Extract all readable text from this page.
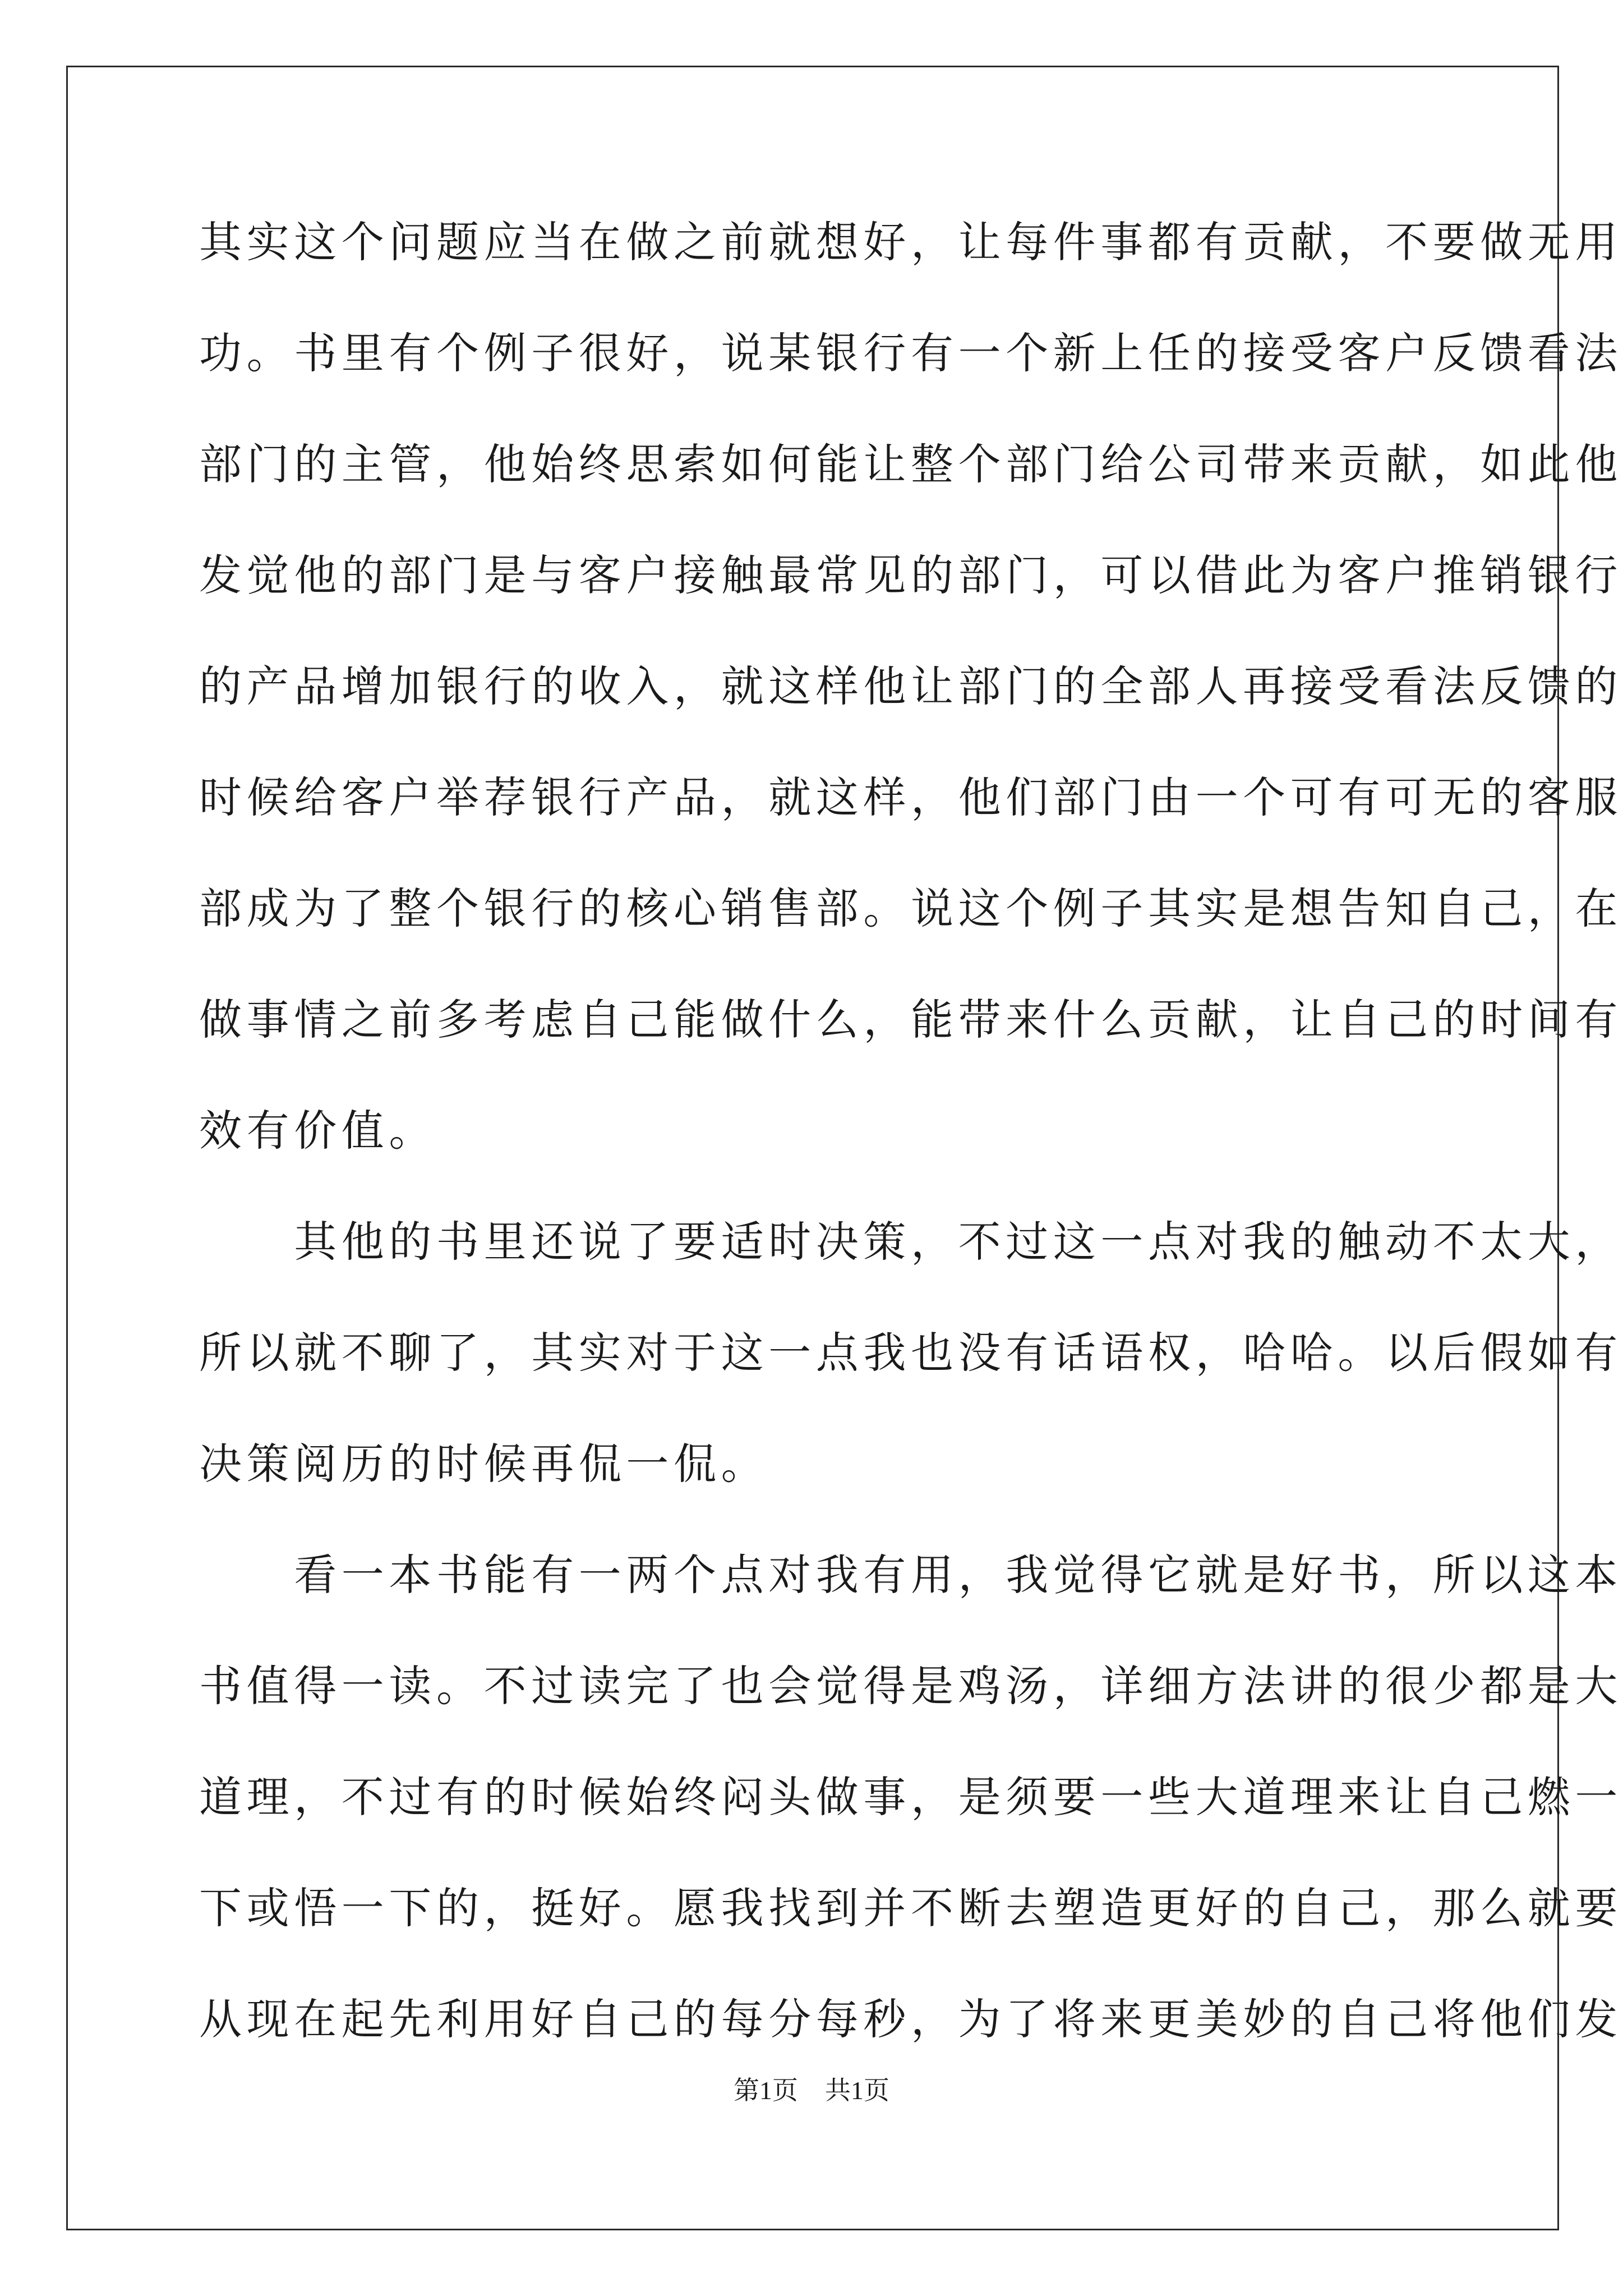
其实这个问题应当在做之前就想好，让每件事都有贡献，不要做无用
功。书里有个例子很好，说某银行有一个新上任的接受客户反馈看法
部门的主管，他始终思索如何能让整个部门给公司带来贡献，如此他
发觉他的部门是与客户接触最常见的部门，可以借此为客户推销银行
的产品增加银行的收入，就这样他让部门的全部人再接受看法反馈的
时候给客户举荐银行产品，就这样，他们部门由一个可有可无的客服
部成为了整个银行的核心销售部。说这个例子其实是想告知自己，在
做事情之前多考虑自己能做什么，能带来什么贡献，让自己的时间有
效有价值。
　　其他的书里还说了要适时决策，不过这一点对我的触动不太大，
所以就不聊了，其实对于这一点我也没有话语权，哈哈。以后假如有
决策阅历的时候再侃一侃。
　　看一本书能有一两个点对我有用，我觉得它就是好书，所以这本
书值得一读。不过读完了也会觉得是鸡汤，详细方法讲的很少都是大
道理，不过有的时候始终闷头做事，是须要一些大道理来让自己燃一
下或悟一下的，挺好。愿我找到并不断去塑造更好的自己，那么就要
从现在起先利用好自己的每分每秒，为了将来更美妙的自己将他们发
第1页 共1页
